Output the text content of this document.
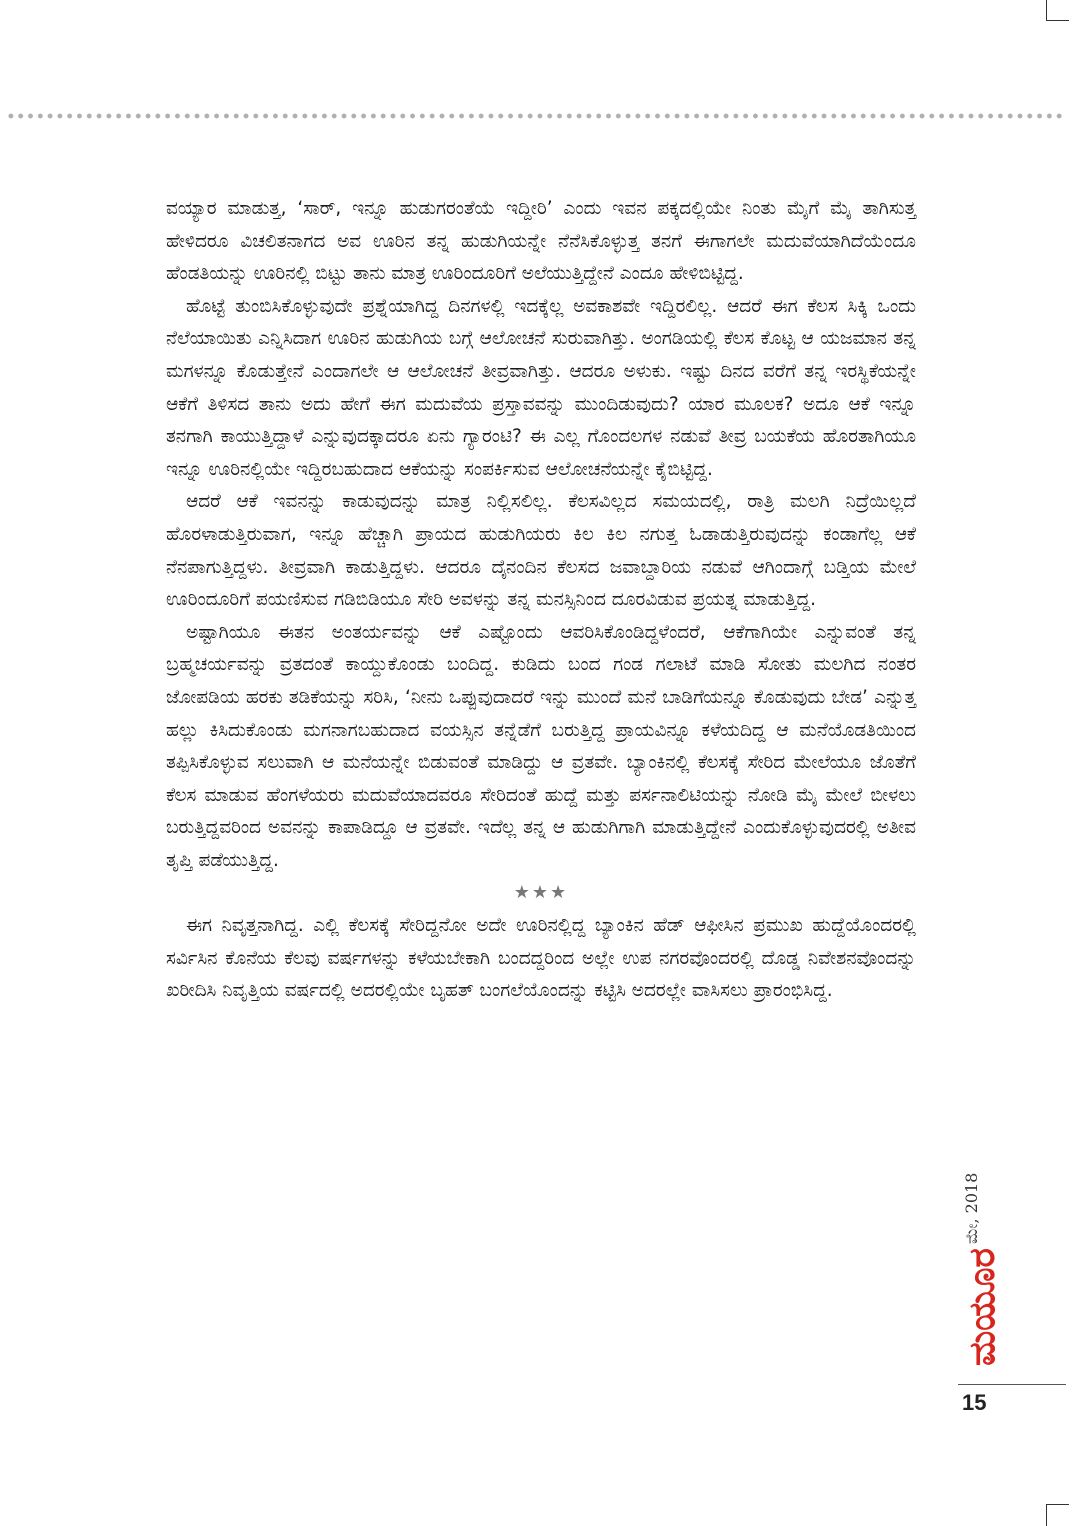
ವಯ್ಯಾರ ಮಾಡುತ್ತ, ‘ಸಾರ್, ಇನ್ನೂ ಹುಡುಗರಂತೆಯೆ ಇದ್ದೀರಿ’ ಎಂದು ಇವನ ಪಕ್ಕದಲ್ಲಿಯೇ ನಿಂತು ಮೈಗೆ ಮೈ ತಾಗಿಸುತ್ತ ಹೇಳಿದರೂ ವಿಚಲಿತನಾಗದ ಅವ ಊರಿನ ತನ್ನ ಹುಡುಗಿಯನ್ನೇ ನೆನೆಸಿಕೊಳ್ಳುತ್ತ ತನಗೆ ಈಗಾಗಲೇ ಮದುವೆಯಾಗಿದೆಯೆಂದೂ ಹೆಂಡತಿಯನ್ನು ಊರಿನಲ್ಲಿ ಬಿಟ್ಟು ತಾನು ಮಾತ್ರ ಊರಿಂದೂರಿಗೆ ಅಲೆಯುತ್ತಿದ್ದೇನೆ ಎಂದೂ ಹೇಳಿಬಿಟ್ಟಿದ್ದ.

ಹೊಟ್ಟೆ ತುಂಬಿಸಿಕೊಳ್ಳುವುದೇ ಪ್ರಶ್ನೆಯಾಗಿದ್ದ ದಿನಗಳಲ್ಲಿ ಇದಕ್ಕೆಲ್ಲ ಅವಕಾಶವೇ ಇದ್ದಿರಲಿಲ್ಲ. ಆದರೆ ಈಗ ಕೆಲಸ ಸಿಕ್ಕಿ ಒಂದು ನೆಲೆಯಾಯಿತು ಎನ್ನಿಸಿದಾಗ ಊರಿನ ಹುಡುಗಿಯ ಬಗ್ಗೆ ಆಲೋಚನೆ ಸುರುವಾಗಿತ್ತು. ಅಂಗಡಿಯಲ್ಲಿ ಕೆಲಸ ಕೊಟ್ಟ ಆ ಯಜಮಾನ ತನ್ನ ಮಗಳನ್ನೂ ಕೊಡುತ್ತೇನೆ ಎಂದಾಗಲೇ ಆ ಆಲೋಚನೆ ತೀವ್ರವಾಗಿತ್ತು. ಆದರೂ ಅಳುಕು. ಇಷ್ಟು ದಿನದ ವರೆಗೆ ತನ್ನ ಇರಸ್ಥಿಕೆಯನ್ನೇ ಆಕೆಗೆ ತಿಳಿಸದ ತಾನು ಅದು ಹೇಗೆ ಈಗ ಮದುವೆಯ ಪ್ರಸ್ತಾವವನ್ನು ಮುಂದಿಡುವುದು? ಯಾರ ಮೂಲಕ? ಅದೂ ಆಕೆ ಇನ್ನೂ ತನಗಾಗಿ ಕಾಯುತ್ತಿದ್ದಾಳೆ ಎನ್ನುವುದಕ್ಕಾದರೂ ಏನು ಗ್ಯಾರಂಟಿ? ಈ ಎಲ್ಲ ಗೊಂದಲಗಳ ನಡುವೆ ತೀವ್ರ ಬಯಕೆಯ ಹೊರತಾಗಿಯೂ ಇನ್ನೂ ಊರಿನಲ್ಲಿಯೇ ಇದ್ದಿರಬಹುದಾದ ಆಕೆಯನ್ನು ಸಂಪರ್ಕಿಸುವ ಆಲೋಚನೆಯನ್ನೇ ಕೈಬಿಟ್ಟಿದ್ದ.

ಆದರೆ ಆಕೆ ಇವನನ್ನು ಕಾಡುವುದನ್ನು ಮಾತ್ರ ನಿಲ್ಲಿಸಲಿಲ್ಲ. ಕೆಲಸವಿಲ್ಲದ ಸಮಯದಲ್ಲಿ, ರಾತ್ರಿ ಮಲಗಿ ನಿದ್ರೆಯಿಲ್ಲದೆ ಹೊರಳಾಡುತ್ತಿರುವಾಗ, ಇನ್ನೂ ಹೆಚ್ಚಾಗಿ ಪ್ರಾಯದ ಹುಡುಗಿಯರು ಕಿಲ ಕಿಲ ನಗುತ್ತ ಓಡಾಡುತ್ತಿರುವುದನ್ನು ಕಂಡಾಗೆಲ್ಲ ಆಕೆ ನೆನಪಾಗುತ್ತಿದ್ದಳು. ತೀವ್ರವಾಗಿ ಕಾಡುತ್ತಿದ್ದಳು. ಆದರೂ ದೈನಂದಿನ ಕೆಲಸದ ಜವಾಬ್ದಾರಿಯ ನಡುವೆ ಆಗಿಂದಾಗ್ಗೆ ಬಡ್ತಿಯ ಮೇಲೆ ಊರಿಂದೂರಿಗೆ ಪಯಣಿಸುವ ಗಡಿಬಿಡಿಯೂ ಸೇರಿ ಅವಳನ್ನು ತನ್ನ ಮನಸ್ಸಿನಿಂದ ದೂರವಿಡುವ ಪ್ರಯತ್ನ ಮಾಡುತ್ತಿದ್ದ.

ಅಷ್ಟಾಗಿಯೂ ಈತನ ಅಂತರ್ಯವನ್ನು ಆಕೆ ಎಷ್ಟೊಂದು ಆವರಿಸಿಕೊಂಡಿದ್ದಳೆಂದರೆ, ಆಕೆಗಾಗಿಯೇ ಎನ್ನುವಂತೆ ತನ್ನ ಬ್ರಹ್ಮಚರ್ಯವನ್ನು ವ್ರತದಂತೆ ಕಾಯ್ದುಕೊಂಡು ಬಂದಿದ್ದ. ಕುಡಿದು ಬಂದ ಗಂಡ ಗಲಾಟೆ ಮಾಡಿ ಸೋತು ಮಲಗಿದ ನಂತರ ಜೋಪಡಿಯ ಹರಕು ತಡಿಕೆಯನ್ನು ಸರಿಸಿ, ‘ನೀನು ಒಪ್ಪುವುದಾದರೆ ಇನ್ನು ಮುಂದೆ ಮನೆ ಬಾಡಿಗೆಯನ್ನೂ ಕೊಡುವುದು ಬೇಡ’ ಎನ್ನುತ್ತ ಹಲ್ಲು ಕಿಸಿದುಕೊಂಡು ಮಗನಾಗಬಹುದಾದ ವಯಸ್ಸಿನ ತನ್ನೆಡೆಗೆ ಬರುತ್ತಿದ್ದ ಪ್ರಾಯವಿನ್ನೂ ಕಳೆಯದಿದ್ದ ಆ ಮನೆಯೊಡತಿಯಿಂದ ತಪ್ಪಿಸಿಕೊಳ್ಳುವ ಸಲುವಾಗಿ ಆ ಮನೆಯನ್ನೇ ಬಿಡುವಂತೆ ಮಾಡಿದ್ದು ಆ ವ್ರತವೇ. ಬ್ಯಾಂಕಿನಲ್ಲಿ ಕೆಲಸಕ್ಕೆ ಸೇರಿದ ಮೇಲೆಯೂ ಜೊತೆಗೆ ಕೆಲಸ ಮಾಡುವ ಹೆಂಗಳೆಯರು ಮದುವೆಯಾದವರೂ ಸೇರಿದಂತೆ ಹುದ್ದೆ ಮತ್ತು ಪರ್ಸನಾಲಿಟಿಯನ್ನು ನೋಡಿ ಮೈ ಮೇಲೆ ಬೀಳಲು ಬರುತ್ತಿದ್ದವರಿಂದ ಅವನನ್ನು ಕಾಪಾಡಿದ್ದೂ ಆ ವ್ರತವೇ. ಇದೆಲ್ಲ ತನ್ನ ಆ ಹುಡುಗಿಗಾಗಿ ಮಾಡುತ್ತಿದ್ದೇನೆ ಎಂದುಕೊಳ್ಳುವುದರಲ್ಲಿ ಅತೀವ ತೃಪ್ತಿ ಪಡೆಯುತ್ತಿದ್ದ.

★★★

ಈಗ ನಿವೃತ್ತನಾಗಿದ್ದ. ಎಲ್ಲಿ ಕೆಲಸಕ್ಕೆ ಸೇರಿದ್ದನೋ ಅದೇ ಊರಿನಲ್ಲಿದ್ದ ಬ್ಯಾಂಕಿನ ಹೆಡ್ ಆಫೀಸಿನ ಪ್ರಮುಖ ಹುದ್ದೆಯೊಂದರಲ್ಲಿ ಸರ್ವಿಸಿನ ಕೊನೆಯ ಕೆಲವು ವರ್ಷಗಳನ್ನು ಕಳೆಯಬೇಕಾಗಿ ಬಂದದ್ದರಿಂದ ಅಲ್ಲೇ ಉಪ ನಗರವೊಂದರಲ್ಲಿ ದೊಡ್ಡ ನಿವೇಶನವೊಂದನ್ನು ಖರೀದಿಸಿ ನಿವೃತ್ತಿಯ ವರ್ಷದಲ್ಲಿ ಅದರಲ್ಲಿಯೇ ಬೃಹತ್ ಬಂಗಲೆಯೊಂದನ್ನು ಕಟ್ಟಿಸಿ ಅದರಲ್ಲೇ ವಾಸಿಸಲು ಪ್ರಾರಂಭಿಸಿದ್ದ.

ಮೇ, 2018
ಮಯೂರ
15
